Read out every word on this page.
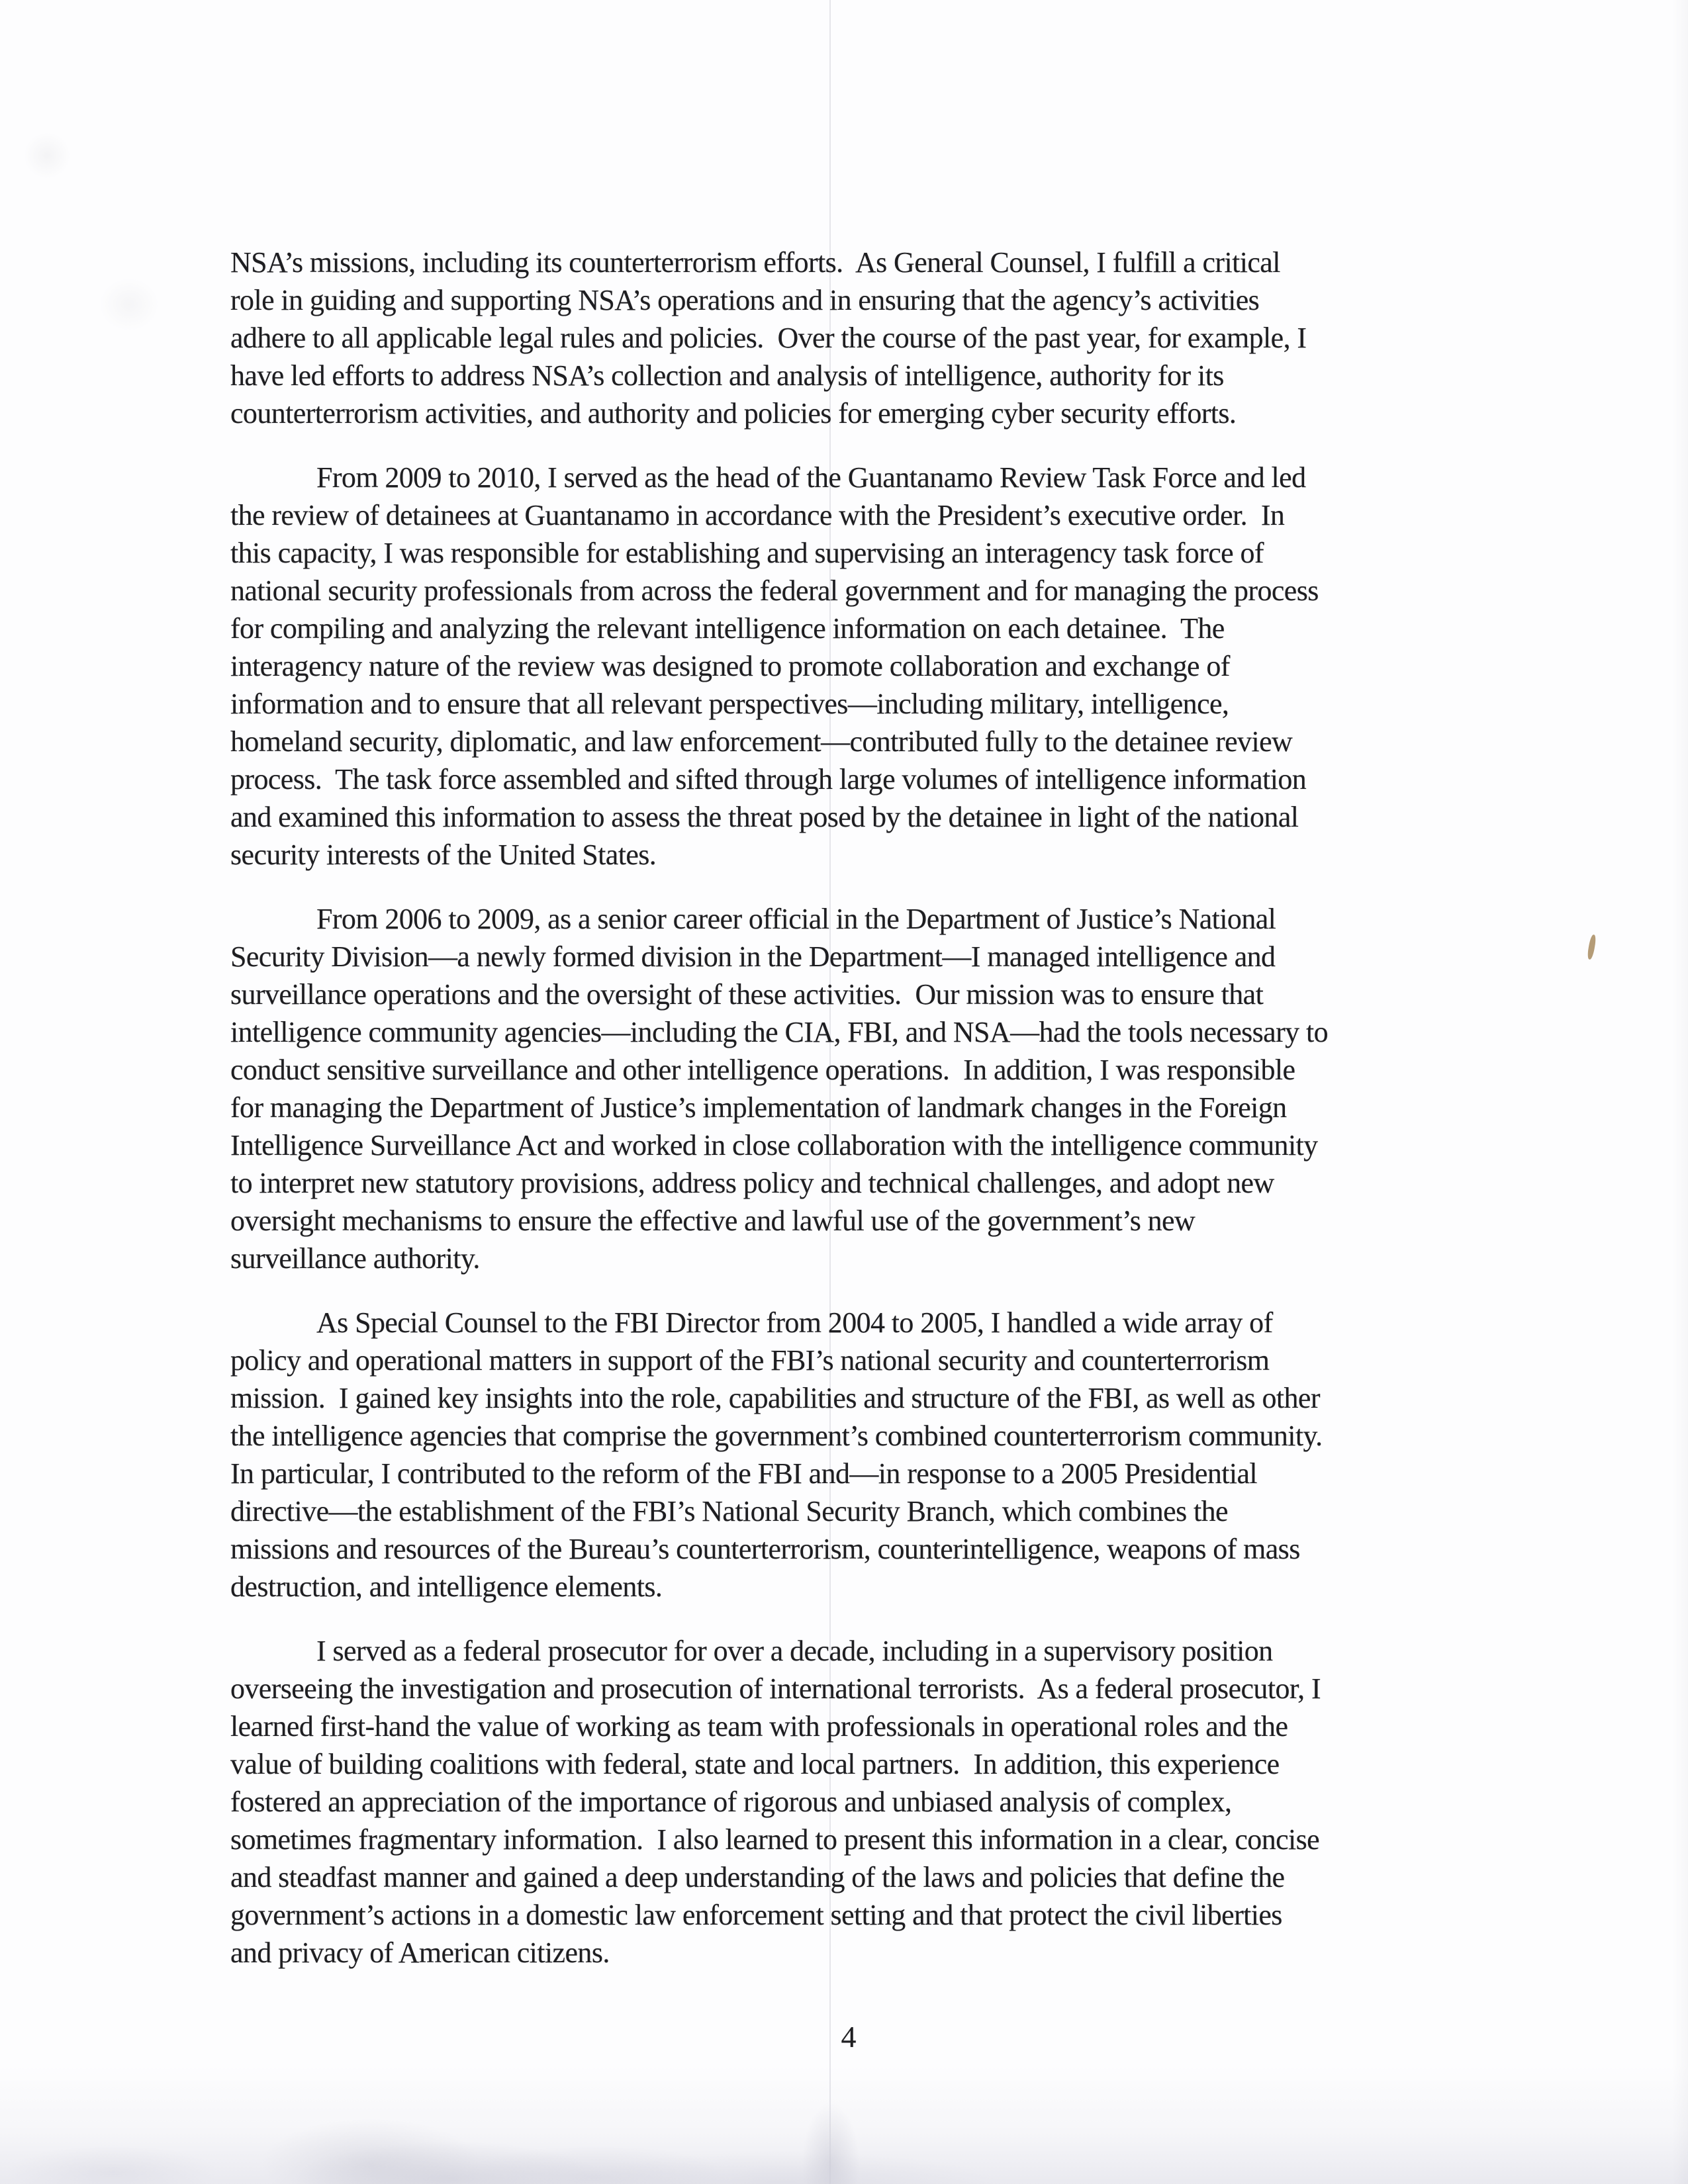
NSA’s missions, including its counterterrorism efforts.  As General Counsel, I fulfill a critical
role in guiding and supporting NSA’s operations and in ensuring that the agency’s activities
adhere to all applicable legal rules and policies.  Over the course of the past year, for example, I
have led efforts to address NSA’s collection and analysis of intelligence, authority for its
counterterrorism activities, and authority and policies for emerging cyber security efforts.
From 2009 to 2010, I served as the head of the Guantanamo Review Task Force and led
the review of detainees at Guantanamo in accordance with the President’s executive order.  In
this capacity, I was responsible for establishing and supervising an interagency task force of
national security professionals from across the federal government and for managing the process
for compiling and analyzing the relevant intelligence information on each detainee.  The
interagency nature of the review was designed to promote collaboration and exchange of
information and to ensure that all relevant perspectives—including military, intelligence,
homeland security, diplomatic, and law enforcement—contributed fully to the detainee review
process.  The task force assembled and sifted through large volumes of intelligence information
and examined this information to assess the threat posed by the detainee in light of the national
security interests of the United States.
From 2006 to 2009, as a senior career official in the Department of Justice’s National
Security Division—a newly formed division in the Department—I managed intelligence and
surveillance operations and the oversight of these activities.  Our mission was to ensure that
intelligence community agencies—including the CIA, FBI, and NSA—had the tools necessary to
conduct sensitive surveillance and other intelligence operations.  In addition, I was responsible
for managing the Department of Justice’s implementation of landmark changes in the Foreign
Intelligence Surveillance Act and worked in close collaboration with the intelligence community
to interpret new statutory provisions, address policy and technical challenges, and adopt new
oversight mechanisms to ensure the effective and lawful use of the government’s new
surveillance authority.
As Special Counsel to the FBI Director from 2004 to 2005, I handled a wide array of
policy and operational matters in support of the FBI’s national security and counterterrorism
mission.  I gained key insights into the role, capabilities and structure of the FBI, as well as other
the intelligence agencies that comprise the government’s combined counterterrorism community.
In particular, I contributed to the reform of the FBI and—in response to a 2005 Presidential
directive—the establishment of the FBI’s National Security Branch, which combines the
missions and resources of the Bureau’s counterterrorism, counterintelligence, weapons of mass
destruction, and intelligence elements.
I served as a federal prosecutor for over a decade, including in a supervisory position
overseeing the investigation and prosecution of international terrorists.  As a federal prosecutor, I
learned first-hand the value of working as team with professionals in operational roles and the
value of building coalitions with federal, state and local partners.  In addition, this experience
fostered an appreciation of the importance of rigorous and unbiased analysis of complex,
sometimes fragmentary information.  I also learned to present this information in a clear, concise
and steadfast manner and gained a deep understanding of the laws and policies that define the
government’s actions in a domestic law enforcement setting and that protect the civil liberties
and privacy of American citizens.
4
